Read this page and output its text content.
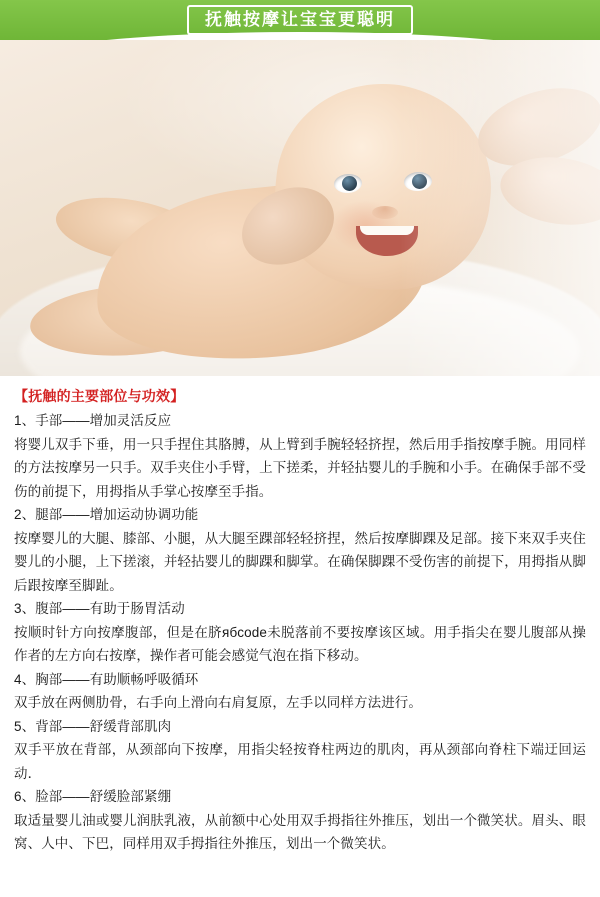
抚触按摩让宝宝更聪明
【抚触的主要部位与功效】
1、手部——增加灵活反应

将婴儿双手下垂，用一只手捏住其胳膊，从上臂到手腕轻轻挤捏，然后用手指按摩手腕。用同样的方法按摩另一只手。双手夹住小手臂，上下搓柔，并轻拈婴儿的手腕和小手。在确保手部不受伤的前提下，用拇指从手掌心按摩至手指。

2、腿部——增加运动协调功能

按摩婴儿的大腿、膝部、小腿，从大腿至踝部轻轻挤捏，然后按摩脚踝及足部。接下来双手夹住婴儿的小腿，上下搓滚，并轻拈婴儿的脚踝和脚掌。在确保脚踝不受伤害的前提下，用拇指从脚后跟按摩至脚趾。

3、腹部——有助于肠胃活动

按顺时针方向按摩腹部，但是在脐ябcode未脱落前不要按摩该区域。用手指尖在婴儿腹部从操作者的左方向右按摩，操作者可能会感觉气泡在指下移动。

4、胸部——有助顺畅呼吸循环

双手放在两侧肋骨，右手向上滑向右肩复原，左手以同样方法进行。

5、背部——舒缓背部肌肉

双手平放在背部，从颈部向下按摩，用指尖轻按脊柱两边的肌肉，再从颈部向脊柱下端迂回运动．

6、脸部——舒缓脸部紧绷

取适量婴儿油或婴儿润肤乳液，从前额中心处用双手拇指往外推压，划出一个微笑状。眉头、眼窝、人中、下巴，同样用双手拇指往外推压，划出一个微笑状。
